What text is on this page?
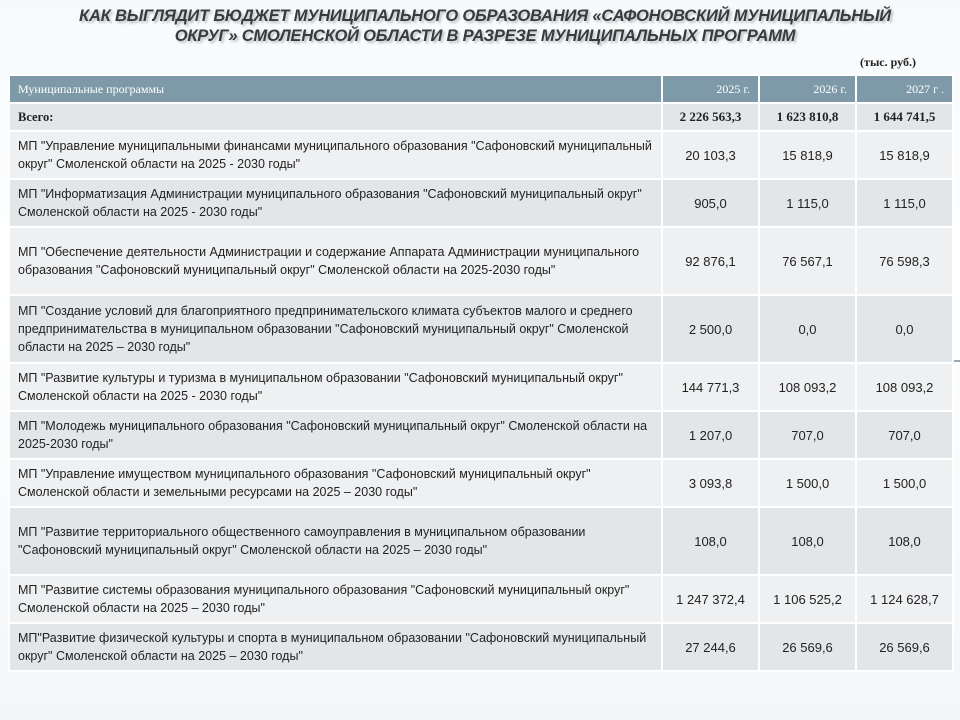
КАК ВЫГЛЯДИТ БЮДЖЕТ МУНИЦИПАЛЬНОГО ОБРАЗОВАНИЯ «САФОНОВСКИЙ МУНИЦИПАЛЬНЫЙ ОКРУГ» СМОЛЕНСКОЙ ОБЛАСТИ В РАЗРЕЗЕ МУНИЦИПАЛЬНЫХ ПРОГРАММ
(тыс. руб.)
Муниципальные программы	2025 г.	2026 г.	2027 г .
Всего:	2 226 563,3	1 623 810,8	1 644 741,5
МП "Управление муниципальными финансами муниципального образования "Сафоновский муниципальный округ" Смоленской области на 2025 - 2030 годы"	20 103,3	15 818,9	15 818,9
МП "Информатизация Администрации муниципального образования "Сафоновский муниципальный округ" Смоленской области на 2025 - 2030 годы"	905,0	1 115,0	1 115,0
МП "Обеспечение деятельности Администрации и содержание Аппарата Администрации муниципального образования "Сафоновский муниципальный округ" Смоленской области на 2025-2030 годы"	92 876,1	76 567,1	76 598,3
МП "Создание условий для благоприятного предпринимательского климата субъектов малого и среднего предпринимательства в муниципальном образовании "Сафоновский муниципальный округ" Смоленской области на 2025 – 2030 годы"	2 500,0	0,0	0,0
МП "Развитие культуры и туризма в муниципальном образовании "Сафоновский муниципальный округ" Смоленской области на 2025 - 2030 годы"	144 771,3	108 093,2	108 093,2
МП "Молодежь муниципального образования "Сафоновский муниципальный округ" Смоленской области на 2025-2030 годы"	1 207,0	707,0	707,0
МП "Управление имуществом муниципального образования "Сафоновский муниципальный округ" Смоленской области и земельными ресурсами на 2025 – 2030 годы"	3 093,8	1 500,0	1 500,0
МП "Развитие территориального общественного самоуправления в муниципальном образовании "Сафоновский муниципальный округ" Смоленской области на 2025 – 2030 годы"	108,0	108,0	108,0
МП "Развитие системы образования муниципального образования "Сафоновский муниципальный округ" Смоленской области на 2025 – 2030 годы"	1 247 372,4	1 106 525,2	1 124 628,7
МП"Развитие физической культуры и спорта в муниципальном образовании "Сафоновский муниципальный округ" Смоленской области на 2025 – 2030 годы"	27 244,6	26 569,6	26 569,6
